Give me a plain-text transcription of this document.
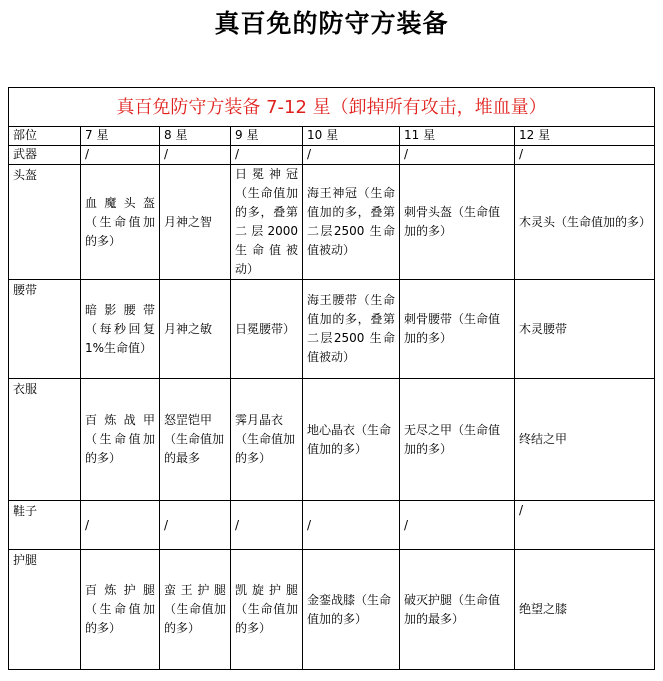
真百免的防守方装备
真百免防守方装备 7-12 星（卸掉所有攻击，堆血量）						
部位	7 星	8 星	9 星	10 星	11 星	12 星
武器	/	/	/	/	/	/
头盔	血魔头盔（生命值加的多）	月神之智	日冕神冠（生命值加的多，叠第二层2000生命值被动）	海王神冠（生命值加的多，叠第二层2500 生命值被动）	刺骨头盔（生命值加的多）	木灵头（生命值加的多）
腰带	暗影腰带（每秒回复 1%生命值）	月神之敏	日冕腰带）	海王腰带（生命值加的多，叠第二层2500 生命值被动）	刺骨腰带（生命值加的多）	木灵腰带
衣服	百炼战甲（生命值加的多）	怒罡铠甲（生命值加的最多	霁月晶衣（生命值加的多）	地心晶衣（生命值加的多）	无尽之甲（生命值加的多）	终结之甲
鞋子	/	/	/	/	/	/
护腿	百炼护腿（生命值加的多）	蛮王护腿（生命值加的多）	凯旋护腿（生命值加的多）	金銮战膝（生命值加的多）	破灭护腿（生命值加的最多）	绝望之膝
